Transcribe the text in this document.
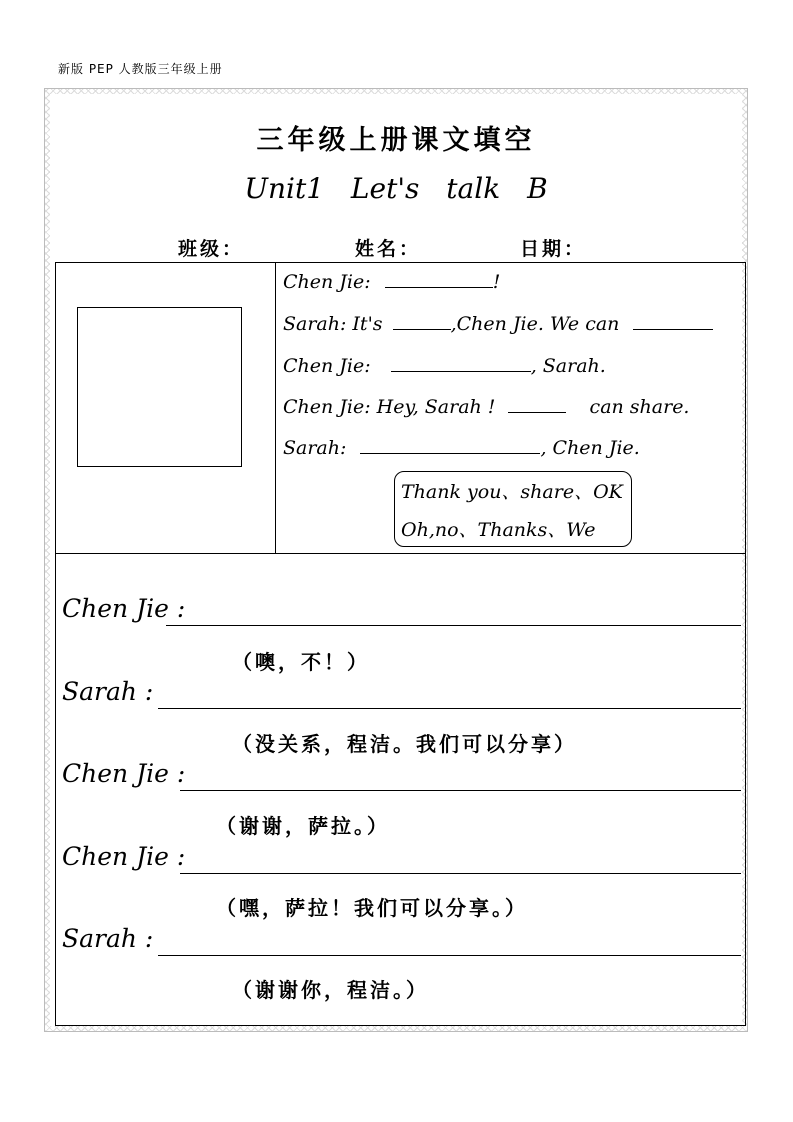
新版 PEP 人教版三年级上册
三年级上册课文填空
Unit1 Let's talk B
班级：	姓名：	日期：
Chen Jie:	!
Sarah: It's	,Chen Jie. We can
Chen Jie:	, Sarah.
Chen Jie: Hey, Sarah !	can share.
Sarah:	, Chen Jie.
Thank you、share、OK
Oh,no、Thanks、We
Chen Jie :
（噢，不！）
Sarah :
（没关系，程洁。我们可以分享）
Chen Jie :
（谢谢，萨拉。）
Chen Jie :
（嘿，萨拉！我们可以分享。）
Sarah :
（谢谢你，程洁。）
